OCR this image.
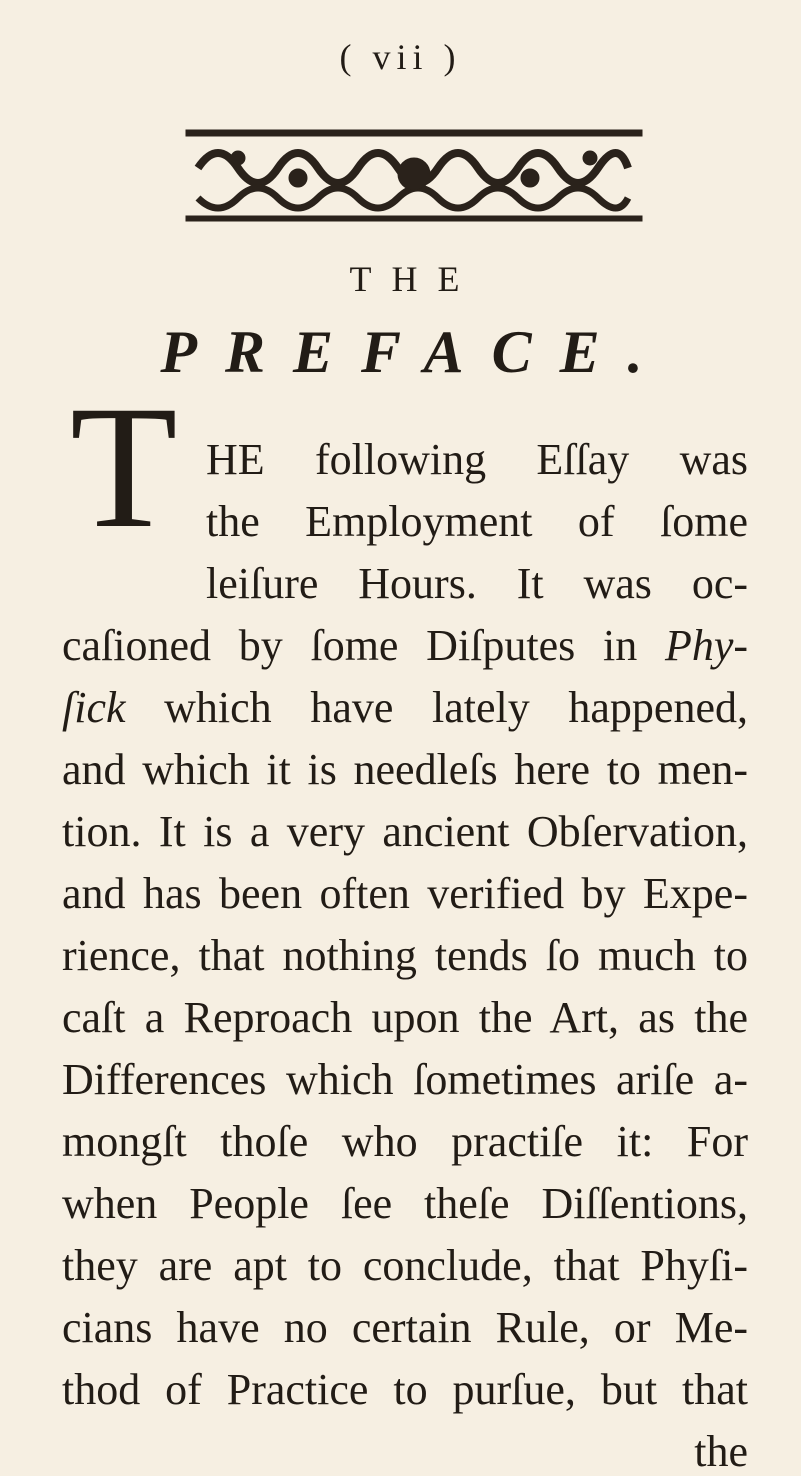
( vii )
THE
PREFACE.
T HE following Eſſay was
the Employment of ſome
leiſure Hours. It was oc-
caſioned by ſome Diſputes in Phy-
ſick which have lately happened,
and which it is needleſs here to men-
tion. It is a very ancient Obſervation,
and has been often verified by Expe-
rience, that nothing tends ſo much to
caſt a Reproach upon the Art, as the
Differences which ſometimes ariſe a-
mongſt thoſe who practiſe it: For
when People ſee theſe Diſſentions,
they are apt to conclude, that Phyſi-
cians have no certain Rule, or Me-
thod of Practice to purſue, but that
the
